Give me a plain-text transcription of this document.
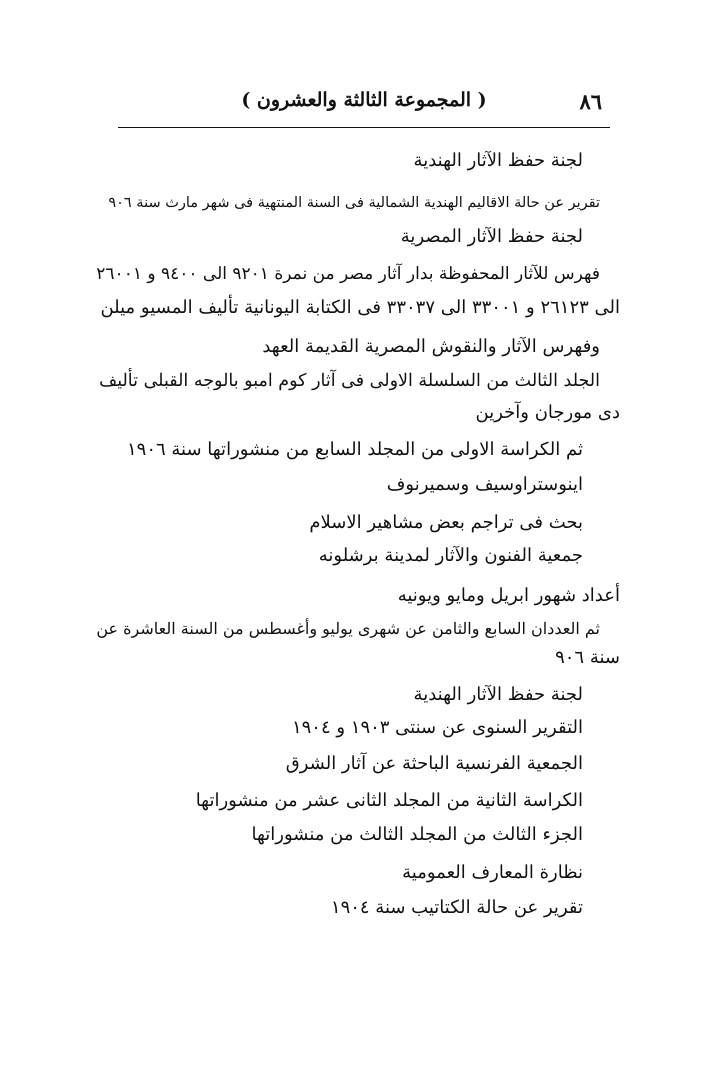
٨٦
( المجموعة الثالثة والعشرون )
لجنة حفظ الآثار الهندية
تقرير عن حالة الاقاليم الهندية الشمالية فى السنة المنتهية فى شهر مارث سنة ٩٠٦
لجنة حفظ الآثار المصرية
فهرس للآثار المحفوظة بدار آثار مصر من نمرة ٩٢٠١ الى ٩٤٠٠ و ٢٦٠٠١
الى ٢٦١٢٣ و ٣٣٠٠١ الى ٣٣٠٣٧ فى الكتابة اليونانية تأليف المسيو ميلن
وفهرس الآثار والنقوش المصرية القديمة العهد
الجلد الثالث من السلسلة الاولى فى آثار كوم امبو بالوجه القبلى تأليف
دى مورجان وآخرين
ثم الكراسة الاولى من المجلد السابع من منشوراتها سنة ١٩٠٦
اينوستراوسيف وسميرنوف
بحث فى تراجم بعض مشاهير الاسلام
جمعية الفنون والآثار لمدينة برشلونه
أعداد شهور ابريل ومايو ويونيه
ثم العددان السابع والثامن عن شهرى يوليو وأغسطس من السنة العاشرة عن
سنة ٩٠٦
لجنة حفظ الآثار الهندية
التقرير السنوى عن سنتى ١٩٠٣ و ١٩٠٤
الجمعية الفرنسية الباحثة عن آثار الشرق
الكراسة الثانية من المجلد الثانى عشر من منشوراتها
الجزء الثالث من المجلد الثالث من منشوراتها
نظارة المعارف العمومية
تقرير عن حالة الكتاتيب سنة ١٩٠٤
